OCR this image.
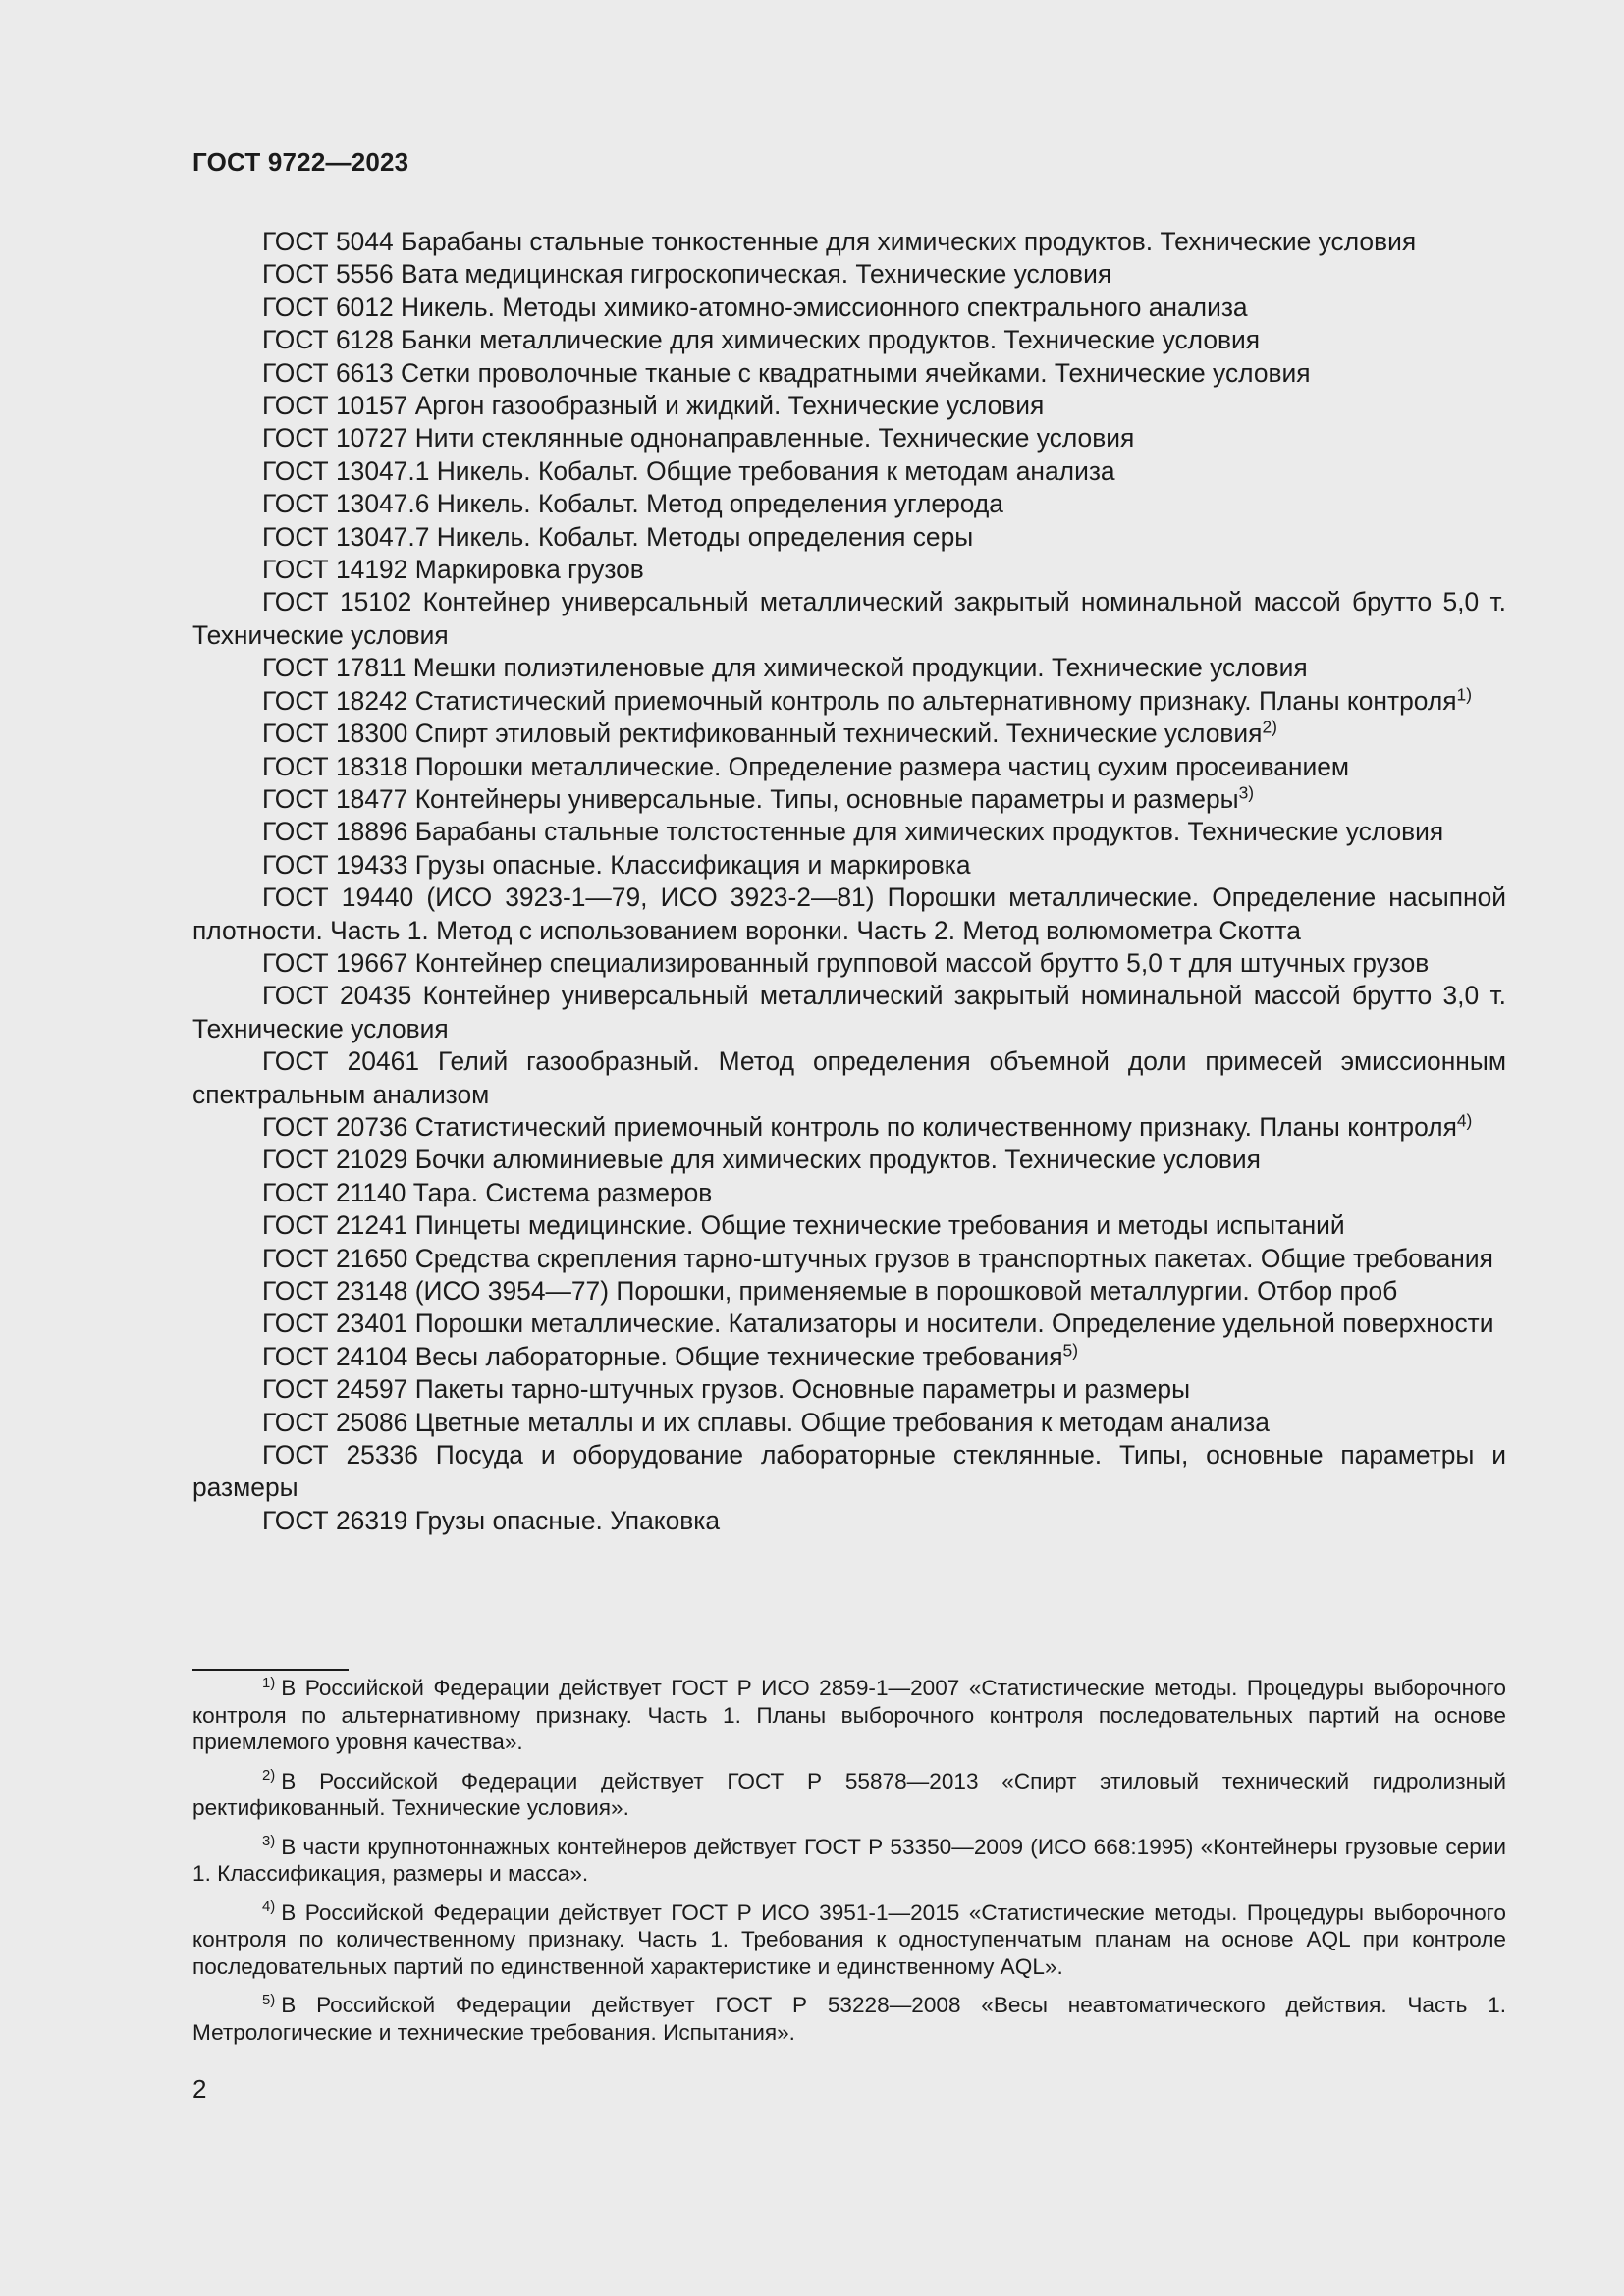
ГОСТ 9722—2023

ГОСТ 5044 Барабаны стальные тонкостенные для химических продуктов. Технические условия

ГОСТ 5556 Вата медицинская гигроскопическая. Технические условия

ГОСТ 6012 Никель. Методы химико-атомно-эмиссионного спектрального анализа

ГОСТ 6128 Банки металлические для химических продуктов. Технические условия

ГОСТ 6613 Сетки проволочные тканые с квадратными ячейками. Технические условия

ГОСТ 10157 Аргон газообразный и жидкий. Технические условия

ГОСТ 10727 Нити стеклянные однонаправленные. Технические условия

ГОСТ 13047.1 Никель. Кобальт. Общие требования к методам анализа

ГОСТ 13047.6 Никель. Кобальт. Метод определения углерода

ГОСТ 13047.7 Никель. Кобальт. Методы определения серы

ГОСТ 14192 Маркировка грузов

ГОСТ 15102 Контейнер универсальный металлический закрытый номинальной массой брутто 5,0 т. Технические условия

ГОСТ 17811 Мешки полиэтиленовые для химической продукции. Технические условия

ГОСТ 18242 Статистический приемочный контроль по альтернативному признаку. Планы контроля$^{1)}$

ГОСТ 18300 Спирт этиловый ректификованный технический. Технические условия$^{2)}$

ГОСТ 18318 Порошки металлические. Определение размера частиц сухим просеиванием

ГОСТ 18477 Контейнеры универсальные. Типы, основные параметры и размеры$^{3)}$

ГОСТ 18896 Барабаны стальные толстостенные для химических продуктов. Технические условия

ГОСТ 19433 Грузы опасные. Классификация и маркировка

ГОСТ 19440 (ИСО 3923-1—79, ИСО 3923-2—81) Порошки металлические. Определение насыпной плотности. Часть 1. Метод с использованием воронки. Часть 2. Метод волюмометра Скотта

ГОСТ 19667 Контейнер специализированный групповой массой брутто 5,0 т для штучных грузов

ГОСТ 20435 Контейнер универсальный металлический закрытый номинальной массой брутто 3,0 т. Технические условия

ГОСТ 20461 Гелий газообразный. Метод определения объемной доли примесей эмиссионным спектральным анализом

ГОСТ 20736 Статистический приемочный контроль по количественному признаку. Планы контроля$^{4)}$

ГОСТ 21029 Бочки алюминиевые для химических продуктов. Технические условия

ГОСТ 21140 Тара. Система размеров

ГОСТ 21241 Пинцеты медицинские. Общие технические требования и методы испытаний

ГОСТ 21650 Средства скрепления тарно-штучных грузов в транспортных пакетах. Общие требования

ГОСТ 23148 (ИСО 3954—77) Порошки, применяемые в порошковой металлургии. Отбор проб

ГОСТ 23401 Порошки металлические. Катализаторы и носители. Определение удельной поверхности

ГОСТ 24104 Весы лабораторные. Общие технические требования$^{5)}$

ГОСТ 24597 Пакеты тарно-штучных грузов. Основные параметры и размеры

ГОСТ 25086 Цветные металлы и их сплавы. Общие требования к методам анализа

ГОСТ 25336 Посуда и оборудование лабораторные стеклянные. Типы, основные параметры и размеры

ГОСТ 26319 Грузы опасные. Упаковка

$^{1)}$ В Российской Федерации действует ГОСТ Р ИСО 2859-1—2007 «Статистические методы. Процедуры выборочного контроля по альтернативному признаку. Часть 1. Планы выборочного контроля последовательных партий на основе приемлемого уровня качества».

$^{2)}$ В Российской Федерации действует ГОСТ Р 55878—2013 «Спирт этиловый технический гидролизный ректификованный. Технические условия».

$^{3)}$ В части крупнотоннажных контейнеров действует ГОСТ Р 53350—2009 (ИСО 668:1995) «Контейнеры грузовые серии 1. Классификация, размеры и масса».

$^{4)}$ В Российской Федерации действует ГОСТ Р ИСО 3951-1—2015 «Статистические методы. Процедуры выборочного контроля по количественному признаку. Часть 1. Требования к одноступенчатым планам на основе AQL при контроле последовательных партий по единственной характеристике и единственному AQL».

$^{5)}$ В Российской Федерации действует ГОСТ Р 53228—2008 «Весы неавтоматического действия. Часть 1. Метрологические и технические требования. Испытания».

2
